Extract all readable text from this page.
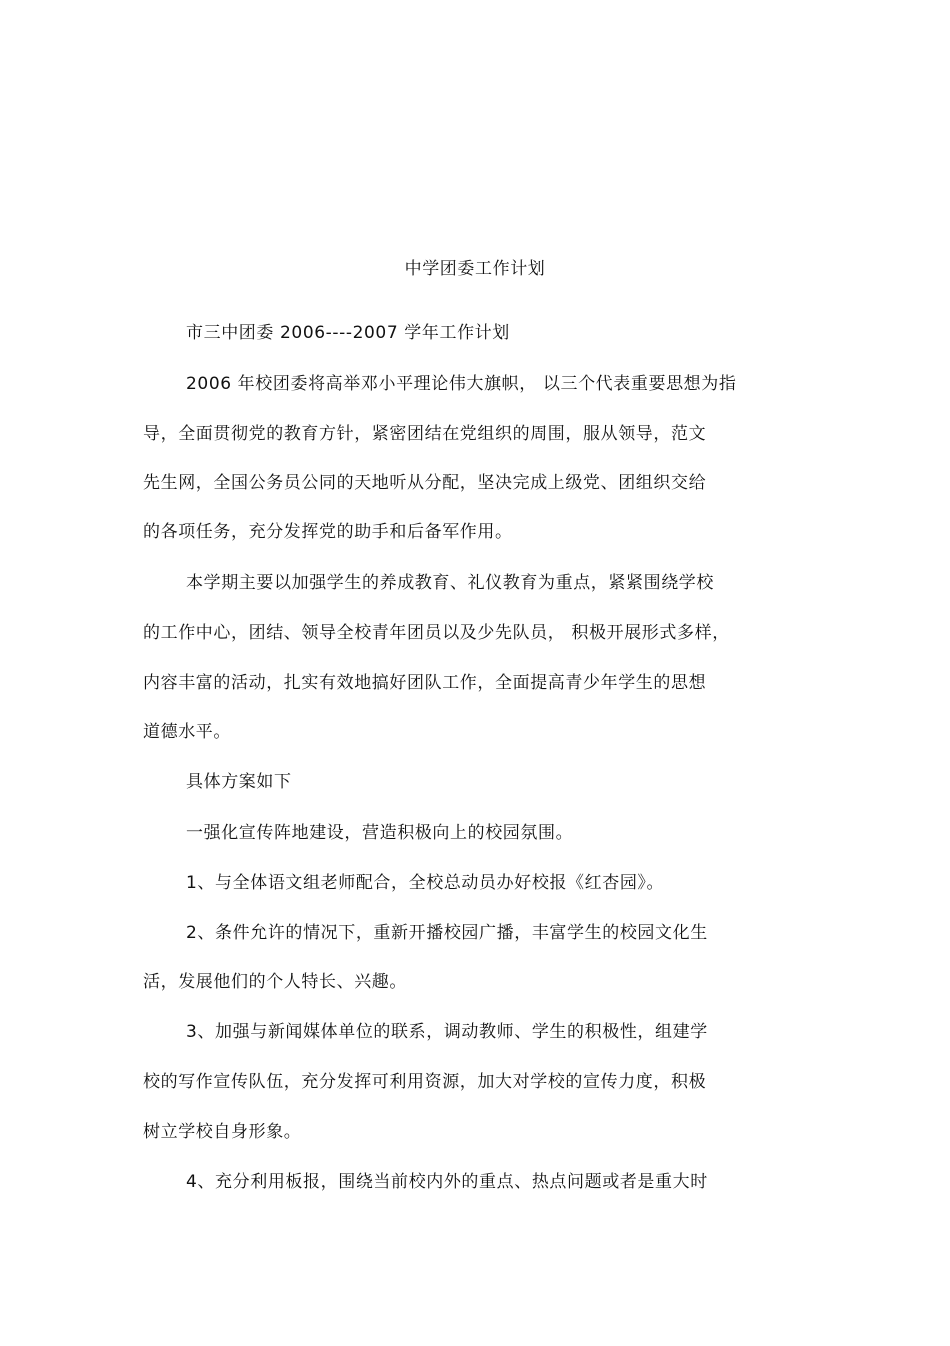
中学团委工作计划
市三中团委 2006----2007 学年工作计划
2006 年校团委将高举邓小平理论伟大旗帜， 以三个代表重要思想为指
导，全面贯彻党的教育方针，紧密团结在党组织的周围，服从领导，范文
先生网，全国公务员公同的天地听从分配，坚决完成上级党、团组织交给
的各项任务，充分发挥党的助手和后备军作用。
本学期主要以加强学生的养成教育、礼仪教育为重点，紧紧围绕学校
的工作中心，团结、领导全校青年团员以及少先队员， 积极开展形式多样，
内容丰富的活动，扎实有效地搞好团队工作，全面提高青少年学生的思想
道德水平。
具体方案如下
一强化宣传阵地建设，营造积极向上的校园氛围。
1、与全体语文组老师配合，全校总动员办好校报《红杏园》。
2、条件允许的情况下，重新开播校园广播，丰富学生的校园文化生
活，发展他们的个人特长、兴趣。
3、加强与新闻媒体单位的联系，调动教师、学生的积极性，组建学
校的写作宣传队伍，充分发挥可利用资源，加大对学校的宣传力度，积极
树立学校自身形象。
4、充分利用板报，围绕当前校内外的重点、热点问题或者是重大时
